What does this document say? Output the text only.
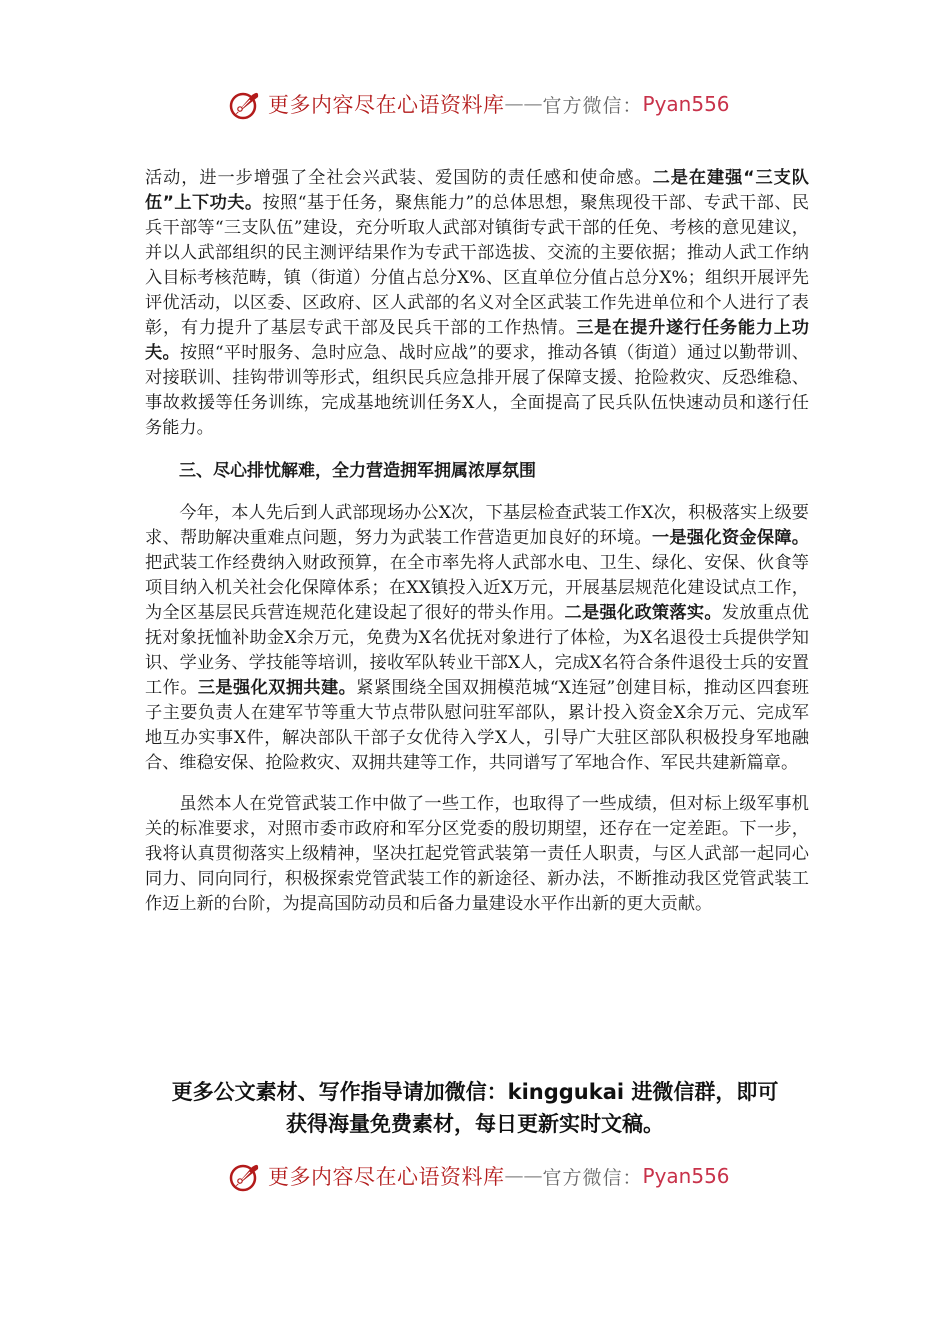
更多内容尽在心语资料库 —— 官方微信： Pyan556

活动，进一步增强了全社会兴武装、爱国防的责任感和使命感。二是在建强“三支队伍”上下功夫。按照“基于任务，聚焦能力”的总体思想，聚焦现役干部、专武干部、民兵干部等“三支队伍”建设，充分听取人武部对镇街专武干部的任免、考核的意见建议，并以人武部组织的民主测评结果作为专武干部选拔、交流的主要依据；推动人武工作纳入目标考核范畴，镇（街道）分值占总分X%、区直单位分值占总分X%；组织开展评先评优活动，以区委、区政府、区人武部的名义对全区武装工作先进单位和个人进行了表彰，有力提升了基层专武干部及民兵干部的工作热情。三是在提升遂行任务能力上功夫。按照“平时服务、急时应急、战时应战”的要求，推动各镇（街道）通过以勤带训、对接联训、挂钩带训等形式，组织民兵应急排开展了保障支援、抢险救灾、反恐维稳、事故救援等任务训练，完成基地统训任务X人，全面提高了民兵队伍快速动员和遂行任务能力。

三、尽心排忧解难，全力营造拥军拥属浓厚氛围

今年，本人先后到人武部现场办公X次，下基层检查武装工作X次，积极落实上级要求、帮助解决重难点问题，努力为武装工作营造更加良好的环境。一是强化资金保障。把武装工作经费纳入财政预算，在全市率先将人武部水电、卫生、绿化、安保、伙食等项目纳入机关社会化保障体系；在XX镇投入近X万元，开展基层规范化建设试点工作，为全区基层民兵营连规范化建设起了很好的带头作用。二是强化政策落实。发放重点优抚对象抚恤补助金X余万元，免费为X名优抚对象进行了体检，为X名退役士兵提供学知识、学业务、学技能等培训，接收军队转业干部X人，完成X名符合条件退役士兵的安置工作。三是强化双拥共建。紧紧围绕全国双拥模范城“X连冠”创建目标，推动区四套班子主要负责人在建军节等重大节点带队慰问驻军部队，累计投入资金X余万元、完成军地互办实事X件，解决部队干部子女优待入学X人，引导广大驻区部队积极投身军地融合、维稳安保、抢险救灾、双拥共建等工作，共同谱写了军地合作、军民共建新篇章。

虽然本人在党管武装工作中做了一些工作，也取得了一些成绩，但对标上级军事机关的标准要求，对照市委市政府和军分区党委的殷切期望，还存在一定差距。下一步，我将认真贯彻落实上级精神，坚决扛起党管武装第一责任人职责，与区人武部一起同心同力、同向同行，积极探索党管武装工作的新途径、新办法，不断推动我区党管武装工作迈上新的台阶，为提高国防动员和后备力量建设水平作出新的更大贡献。

更多公文素材、写作指导请加微信：kinggukai 进微信群，即可
获得海量免费素材，每日更新实时文稿。
更多内容尽在心语资料库 —— 官方微信： Pyan556
